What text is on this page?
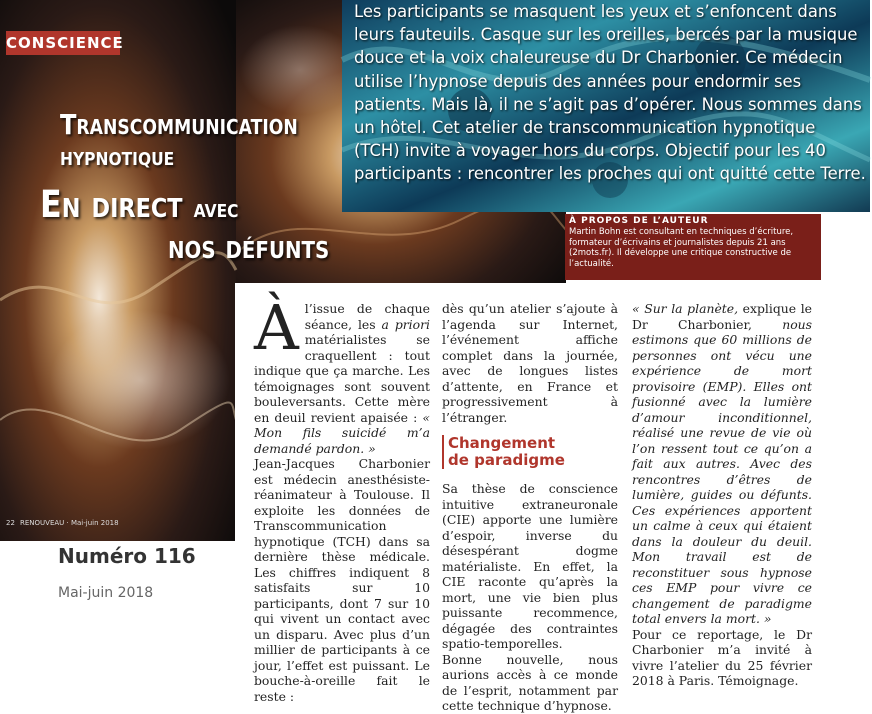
CONSCIENCE
Transcommunication
hypnotique
En direct avec
nos défunts
Les participants se masquent les yeux et s’enfoncent dans leurs fauteuils. Casque sur les oreilles, bercés par la musique douce et la voix chaleureuse du Dr Charbonier. Ce médecin utilise l’hypnose depuis des années pour endormir ses patients. Mais là, il ne s’agit pas d’opérer. Nous sommes dans un hôtel. Cet atelier de transcommunication hypnotique (TCH) invite à voyager hors du corps. Objectif pour les 40 participants : rencontrer les proches qui ont quitté cette Terre.
À PROPOS DE L’AUTEUR
Martin Bohn est consultant en techniques d’écriture, formateur d’écrivains et journalistes depuis 21 ans (2mots.fr). Il développe une critique constructive de l’actualité.
22 RENOUVEAU · Mai-juin 2018

À l’issue de chaque séance, les a priori matérialistes se craquellent : tout indique que ça marche. Les témoignages sont souvent bouleversants. Cette mère en deuil revient apaisée : « Mon fils suicidé m’a demandé pardon. »

Jean-Jacques Charbonier est médecin anesthésiste-réanimateur à Toulouse. Il exploite les données de Transcommunication hypnotique (TCH) dans sa dernière thèse médicale. Les chiffres indiquent 8 satisfaits sur 10 participants, dont 7 sur 10 qui vivent un contact avec un disparu. Avec plus d’un millier de participants à ce jour, l’effet est puissant. Le bouche-à-oreille fait le reste :

dès qu’un atelier s’ajoute à l’agenda sur Internet, l’événement affiche complet dans la journée, avec de longues listes d’attente, en France et progressivement à l’étranger.

Changement
de paradigme

Sa thèse de conscience intuitive extraneuronale (CIE) apporte une lumière d’espoir, inverse du désespérant dogme matérialiste. En effet, la CIE raconte qu’après la mort, une vie bien plus puissante recommence, dégagée des contraintes spatio-temporelles.

Bonne nouvelle, nous aurions accès à ce monde de l’esprit, notamment par cette technique d’hypnose.

« Sur la planète, explique le Dr Charbonier, nous estimons que 60 millions de personnes ont vécu une expérience de mort provisoire (EMP). Elles ont fusionné avec la lumière d’amour inconditionnel, réalisé une revue de vie où l’on ressent tout ce qu’on a fait aux autres. Avec des rencontres d’êtres de lumière, guides ou défunts. Ces expériences apportent un calme à ceux qui étaient dans la douleur du deuil. Mon travail est de reconstituer sous hypnose ces EMP pour vivre ce changement de paradigme total envers la mort. »

Pour ce reportage, le Dr Charbonier m’a invité à vivre l’atelier du 25 février 2018 à Paris. Témoignage.

Numéro 116
Mai-juin 2018
